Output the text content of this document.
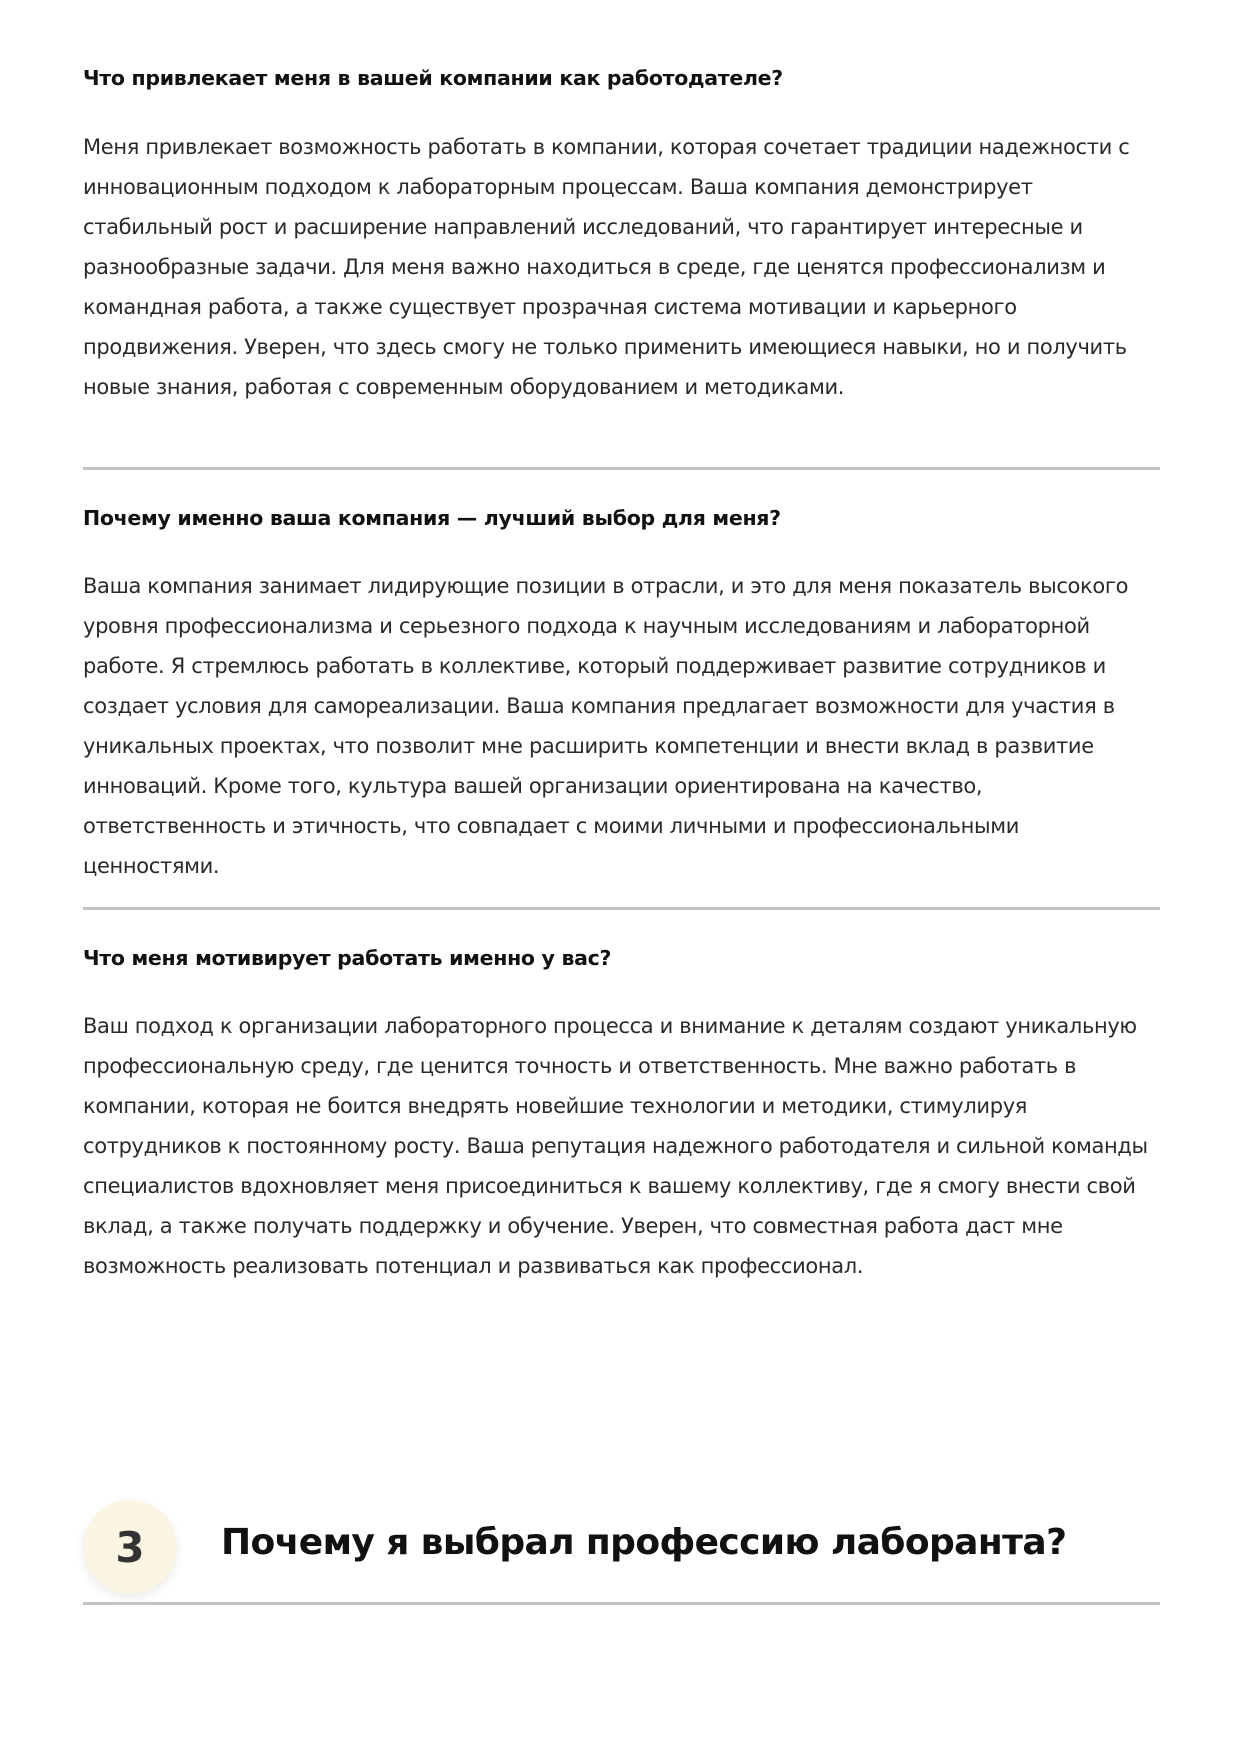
Что привлекает меня в вашей компании как работодателе?

Меня привлекает возможность работать в компании, которая сочетает традиции надежности с инновационным подходом к лабораторным процессам. Ваша компания демонстрирует стабильный рост и расширение направлений исследований, что гарантирует интересные и разнообразные задачи. Для меня важно находиться в среде, где ценятся профессионализм и командная работа, а также существует прозрачная система мотивации и карьерного продвижения. Уверен, что здесь смогу не только применить имеющиеся навыки, но и получить новые знания, работая с современным оборудованием и методиками.

Почему именно ваша компания — лучший выбор для меня?

Ваша компания занимает лидирующие позиции в отрасли, и это для меня показатель высокого уровня профессионализма и серьезного подхода к научным исследованиям и лабораторной работе. Я стремлюсь работать в коллективе, который поддерживает развитие сотрудников и создает условия для самореализации. Ваша компания предлагает возможности для участия в уникальных проектах, что позволит мне расширить компетенции и внести вклад в развитие инноваций. Кроме того, культура вашей организации ориентирована на качество, ответственность и этичность, что совпадает с моими личными и профессиональными ценностями.

Что меня мотивирует работать именно у вас?

Ваш подход к организации лабораторного процесса и внимание к деталям создают уникальную профессиональную среду, где ценится точность и ответственность. Мне важно работать в компании, которая не боится внедрять новейшие технологии и методики, стимулируя сотрудников к постоянному росту. Ваша репутация надежного работодателя и сильной команды специалистов вдохновляет меня присоединиться к вашему коллективу, где я смогу внести свой вклад, а также получать поддержку и обучение. Уверен, что совместная работа даст мне возможность реализовать потенциал и развиваться как профессионал.

3	Почему я выбрал профессию лаборанта?
